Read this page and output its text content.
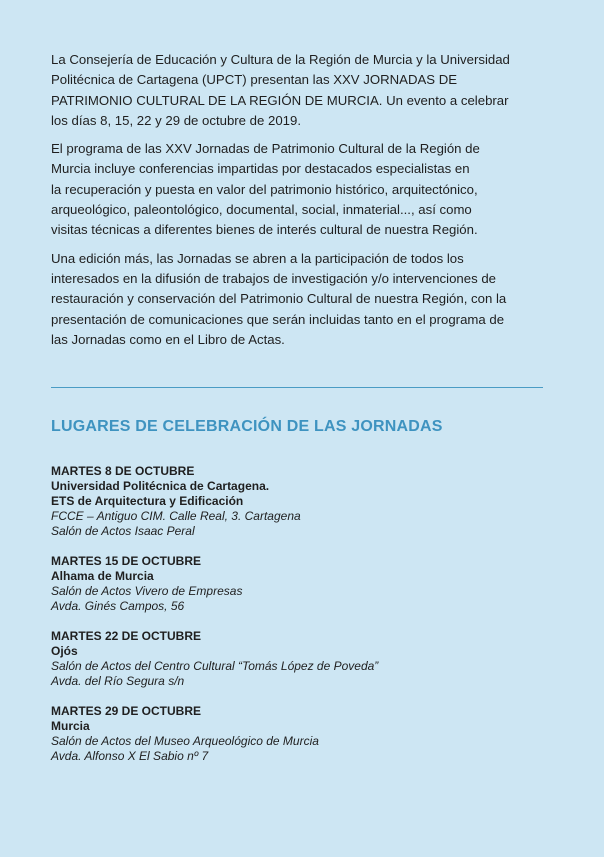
La Consejería de Educación y Cultura de la Región de Murcia y la Universidad
Politécnica de Cartagena (UPCT) presentan las XXV JORNADAS DE
PATRIMONIO CULTURAL DE LA REGIÓN DE MURCIA. Un evento a celebrar
los días 8, 15, 22 y 29 de octubre de 2019.

El programa de las XXV Jornadas de Patrimonio Cultural de la Región de
Murcia incluye conferencias impartidas por destacados especialistas en
la recuperación y puesta en valor del patrimonio histórico, arquitectónico,
arqueológico, paleontológico, documental, social, inmaterial..., así como
visitas técnicas a diferentes bienes de interés cultural de nuestra Región.

Una edición más, las Jornadas se abren a la participación de todos los
interesados en la difusión de trabajos de investigación y/o intervenciones de
restauración y conservación del Patrimonio Cultural de nuestra Región, con la
presentación de comunicaciones que serán incluidas tanto en el programa de
las Jornadas como en el Libro de Actas.

LUGARES DE CELEBRACIÓN DE LAS JORNADAS
MARTES 8 DE OCTUBRE
Universidad Politécnica de Cartagena.
ETS de Arquitectura y Edificación
FCCE – Antiguo CIM. Calle Real, 3. Cartagena
Salón de Actos Isaac Peral
MARTES 15 DE OCTUBRE
Alhama de Murcia
Salón de Actos Vivero de Empresas
Avda. Ginés Campos, 56
MARTES 22 DE OCTUBRE
Ojós
Salón de Actos del Centro Cultural “Tomás López de Poveda”
Avda. del Río Segura s/n
MARTES 29 DE OCTUBRE
Murcia
Salón de Actos del Museo Arqueológico de Murcia
Avda. Alfonso X El Sabio nº 7
